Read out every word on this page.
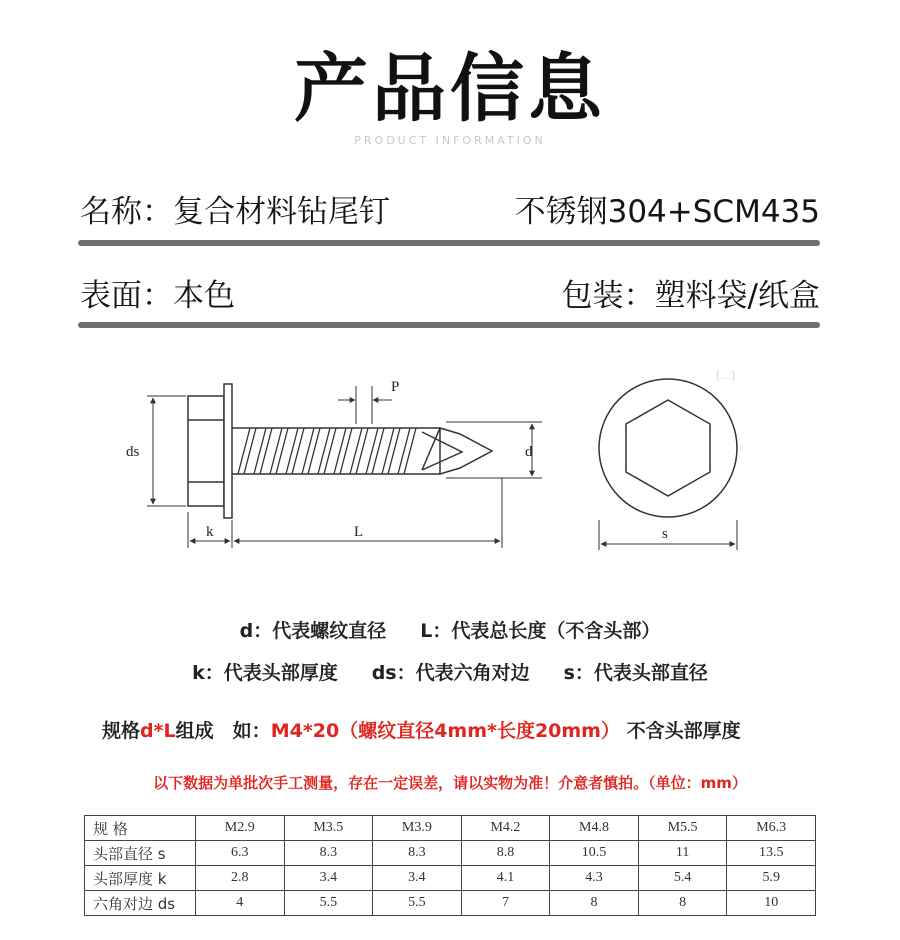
产品信息
PRODUCT INFORMATION
名称：复合材料钻尾钉	不锈钢304+SCM435
表面：本色	包装：塑料袋/纸盒
[...]
P
ds	d
k	L	s
d：代表螺纹直径 L：代表总长度（不含头部）
k：代表头部厚度 ds：代表六角对边 s：代表头部直径
规格d*L组成　如：M4*20（螺纹直径4mm*长度20mm） 不含头部厚度
以下数据为单批次手工测量，存在一定误差，请以实物为准！介意者慎拍。（单位：mm）
规 格	M2.9	M3.5	M3.9	M4.2	M4.8	M5.5	M6.3
头部直径 s	6.3	8.3	8.3	8.8	10.5	11	13.5
头部厚度 k	2.8	3.4	3.4	4.1	4.3	5.4	5.9
六角对边 ds	4	5.5	5.5	7	8	8	10
